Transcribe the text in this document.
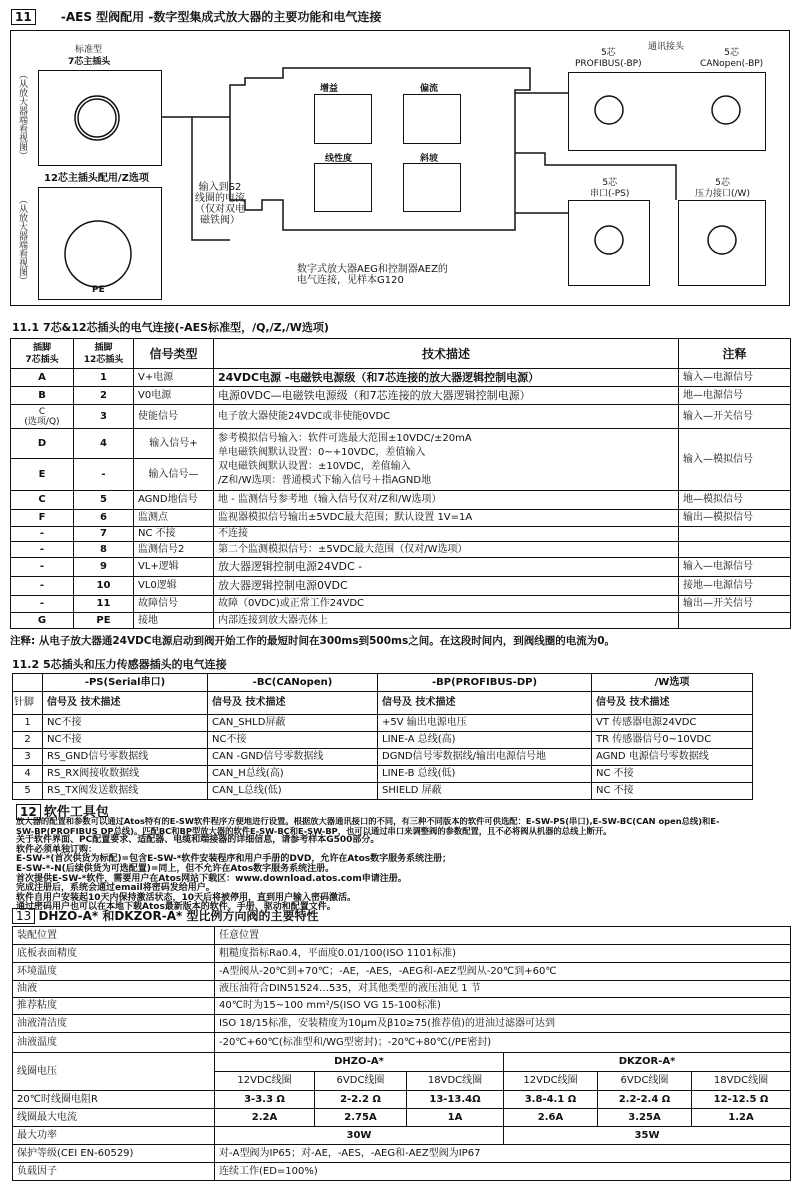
11 -AES 型阀配用 -数字型集成式放大器的主要功能和电气连接
标准型
7芯主插头
（从放大器端看视图）
12芯主插头配用/Z选项
（从放大器端看视图）
PE
输入到S2
线圈的电流
（仅对双电
磁铁阀）
增益	偏流
线性度	斜坡
数字式放大器AEG和控制器AEZ的
电气连接，见样本G120
通讯接头
5芯
PROFIBUS(-BP)
5芯
CANopen(-BP)
5芯
串口(-PS)
5芯
压力接口(/W)
11.1 7芯&12芯插头的电气连接(-AES标准型，/Q,/Z,/W选项)
插脚
7芯插头	插脚
12芯插头	信号类型	技术描述	注释
A	1	V+电源	24VDC电源 -电磁铁电源级（和7芯连接的放大器逻辑控制电源）	输入—电源信号
B	2	V0电源	电源0VDC—电磁铁电源级（和7芯连接的放大器逻辑控制电源）	地—电源信号
C
(选项/Q)	3	使能信号	电子放大器使能24VDC或非使能0VDC	输入—开关信号
D	4	输入信号+	参考模拟信号输入：软件可选最大范围±10VDC/±20mA
单电磁铁阀默认设置：0~+10VDC，差值输入
双电磁铁阀默认设置：±10VDC，差值输入
/Z和/W选项：普通模式下输入信号＋指AGND地	输入—模拟信号
E	-	输入信号—		
C	5	AGND地信号	地 - 监测信号参考地（输入信号仅对/Z和/W选项）	地—模拟信号
F	6	监测点	监视器模拟信号输出±5VDC最大范围；默认设置 1V=1A	输出—模拟信号
-	7	NC 不接	不连接	
-	8	监测信号2	第二个监测模拟信号：±5VDC最大范围（仅对/W选项）	
-	9	VL+逻辑	放大器逻辑控制电源24VDC -	输入—电源信号
-	10	VL0逻辑	放大器逻辑控制电源0VDC	接地—电源信号
-	11	故障信号	故障（0VDC)或正常工作24VDC	输出—开关信号
G	PE	接地	内部连接到放大器壳体上	
注释: 从电子放大器通24VDC电源启动到阀开始工作的最短时间在300ms到500ms之间。在这段时间内，到阀线圈的电流为0。
11.2 5芯插头和压力传感器插头的电气连接
	-PS(Serial串口)	-BC(CANopen)	-BP(PROFIBUS-DP)	/W选项
针脚	信号及 技术描述	信号及 技术描述	信号及 技术描述	信号及 技术描述
1	NC不接	CAN_SHLD屏蔽	+5V 输出电源电压	VT 传感器电源24VDC
2	NC不接	NC不接	LINE-A 总线(高)	TR 传感器信号0~10VDC
3	RS_GND信号零数据线	CAN -GND信号零数据线	DGND信号零数据线/输出电源信号地	AGND 电源信号零数据线
4	RS_RX阀接收数据线	CAN_H总线(高)	LINE-B 总线(低)	NC 不接
5	RS_TX阀发送数据线	CAN_L总线(低)	SHIELD 屏蔽	NC 不接
12 软件工具包

放大器的配置和参数可以通过Atos特有的E-SW软件程序方便地进行设置。根据放大器通讯接口的不同，有三种不同版本的软件可供选配：E-SW-PS(串口),E-SW-BC(CAN open总线)和E-

SW-BP(PROFIBUS DP总线)。匹配BC和BP型放大器的软件E-SW-BC和E-SW-BP，也可以通过串口来调整阀的参数配置，且不必将阀从机器的总线上断开。

关于软件界面、PC配置要求、适配器、电缆和端接器的详细信息，请参考样本G500部分。

软件必须单独订购：

E-SW-*(首次供货为标配)=包含E-SW-*软件安装程序和用户手册的DVD，允许在Atos数字服务系统注册；

E-SW-*-N(后续供货为可选配置)=同上，但不允许在Atos数字服务系统注册。

首次提供E-SW-*软件，需要用户在Atos网站下载区：www.download.atos.com申请注册。

完成注册后，系统会通过email将密码发给用户。

软件自用户安装起10天内保持激活状态，10天后将被停用，直到用户输入密码激活。

通过密码用户也可以在本地下载Atos最新版本的软件、手册、驱动和配置文件。

13 DHZO-A* 和DKZOR-A* 型比例方向阀的主要特性
装配位置	任意位置					
底板表面精度	粗糙度指标Ra0.4，平面度0.01/100(ISO 1101标准)					
环境温度	-A型阀从-20℃到+70℃；-AE，-AES，-AEG和-AEZ型阀从-20℃到+60℃					
油液	液压油符合DIN51524…535，对其他类型的液压油见 1 节					
推荐粘度	40℃时为15~100 mm²/S(ISO VG 15-100标准)					
油液清洁度	ISO 18/15标准，安装精度为10μm及β10≥75(推荐值)的进油过滤器可达到					
油液温度	-20℃+60℃(标准型和/WG型密封)；-20℃+80℃(/PE密封)					
线圈电压	DHZO-A*			DKZOR-A*		
	12VDC线圈	6VDC线圈	18VDC线圈	12VDC线圈	6VDC线圈	18VDC线圈
20℃时线圈电阻R	3-3.3 Ω	2-2.2 Ω	13-13.4Ω	3.8-4.1 Ω	2.2-2.4 Ω	12-12.5 Ω
线圈最大电流	2.2A	2.75A	1A	2.6A	3.25A	1.2A
最大功率	30W			35W		
保护等级(CEI EN-60529)	对-A型阀为IP65；对-AE，-AES，-AEG和-AEZ型阀为IP67					
负载因子	连续工作(ED=100%)					
